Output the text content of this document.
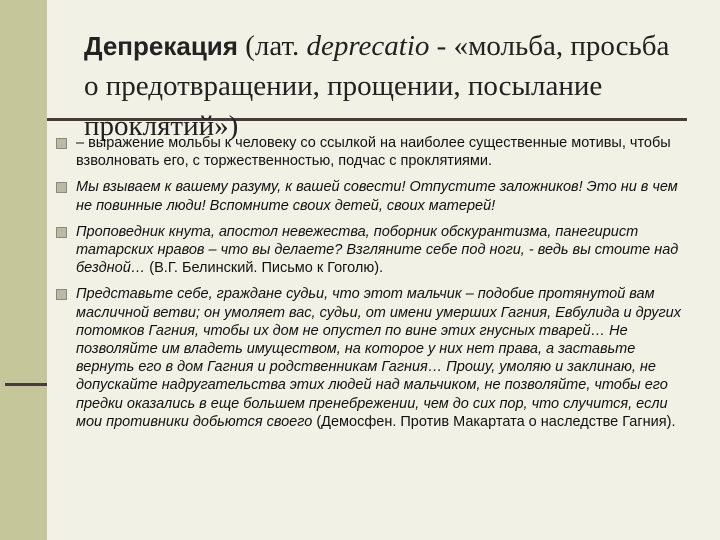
Депрекация (лат. deprecatio - «мольба, просьба о предотвращении, прощении, посылание проклятий»)
– выражение мольбы к человеку со ссылкой на наиболее существенные мотивы, чтобы взволновать его, с торжественностью, подчас с проклятиями.
Мы взываем к вашему разуму, к вашей совести! Отпустите заложников! Это ни в чем не повинные люди! Вспомните своих детей, своих матерей!
Проповедник кнута, апостол невежества, поборник обскурантизма, панегирист татарских нравов – что вы делаете? Взгляните себе под ноги, - ведь вы стоите над бездной… (В.Г. Белинский. Письмо к Гоголю).
Представьте себе, граждане судьи, что этот мальчик – подобие протянутой вам масличной ветви; он умоляет вас, судьи, от имени умерших Гагния, Евбулида и других потомков Гагния, чтобы их дом не опустел по вине этих гнусных тварей… Не позволяйте им владеть имуществом, на которое у них нет права, а заставьте вернуть его в дом Гагния и родственникам Гагния… Прошу, умоляю и заклинаю, не допускайте надругательства этих людей над мальчиком, не позволяйте, чтобы его предки оказались в еще большем пренебрежении, чем до сих пор, что случится, если мои противники добьются своего (Демосфен. Против Макартата о наследстве Гагния).
